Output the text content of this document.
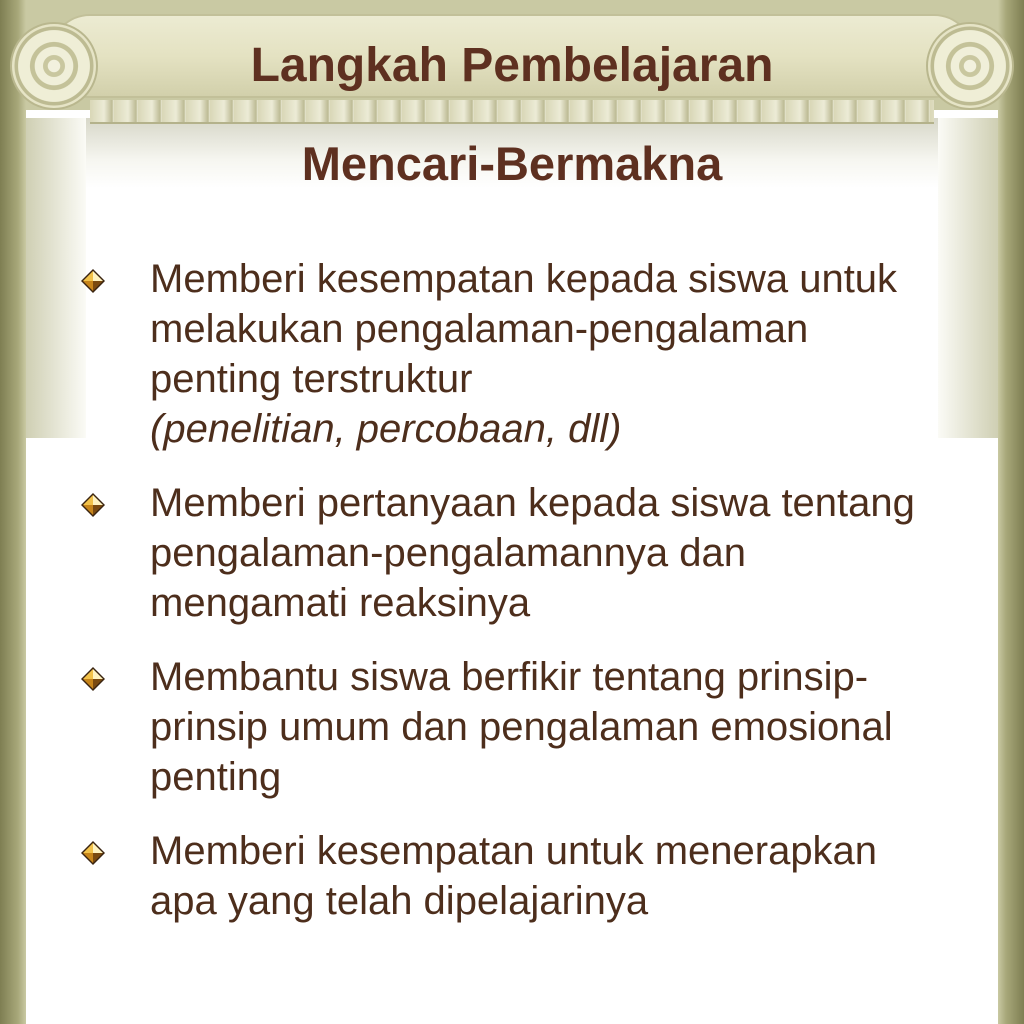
Langkah Pembelajaran
Mencari-Bermakna
Memberi kesempatan kepada siswa untuk melakukan pengalaman-pengalaman penting terstruktur
(penelitian, percobaan, dll)
Memberi pertanyaan kepada siswa tentang pengalaman-pengalamannya dan mengamati reaksinya
Membantu siswa berfikir tentang prinsip-prinsip umum dan pengalaman emosional penting
Memberi kesempatan untuk menerapkan apa yang telah dipelajarinya
